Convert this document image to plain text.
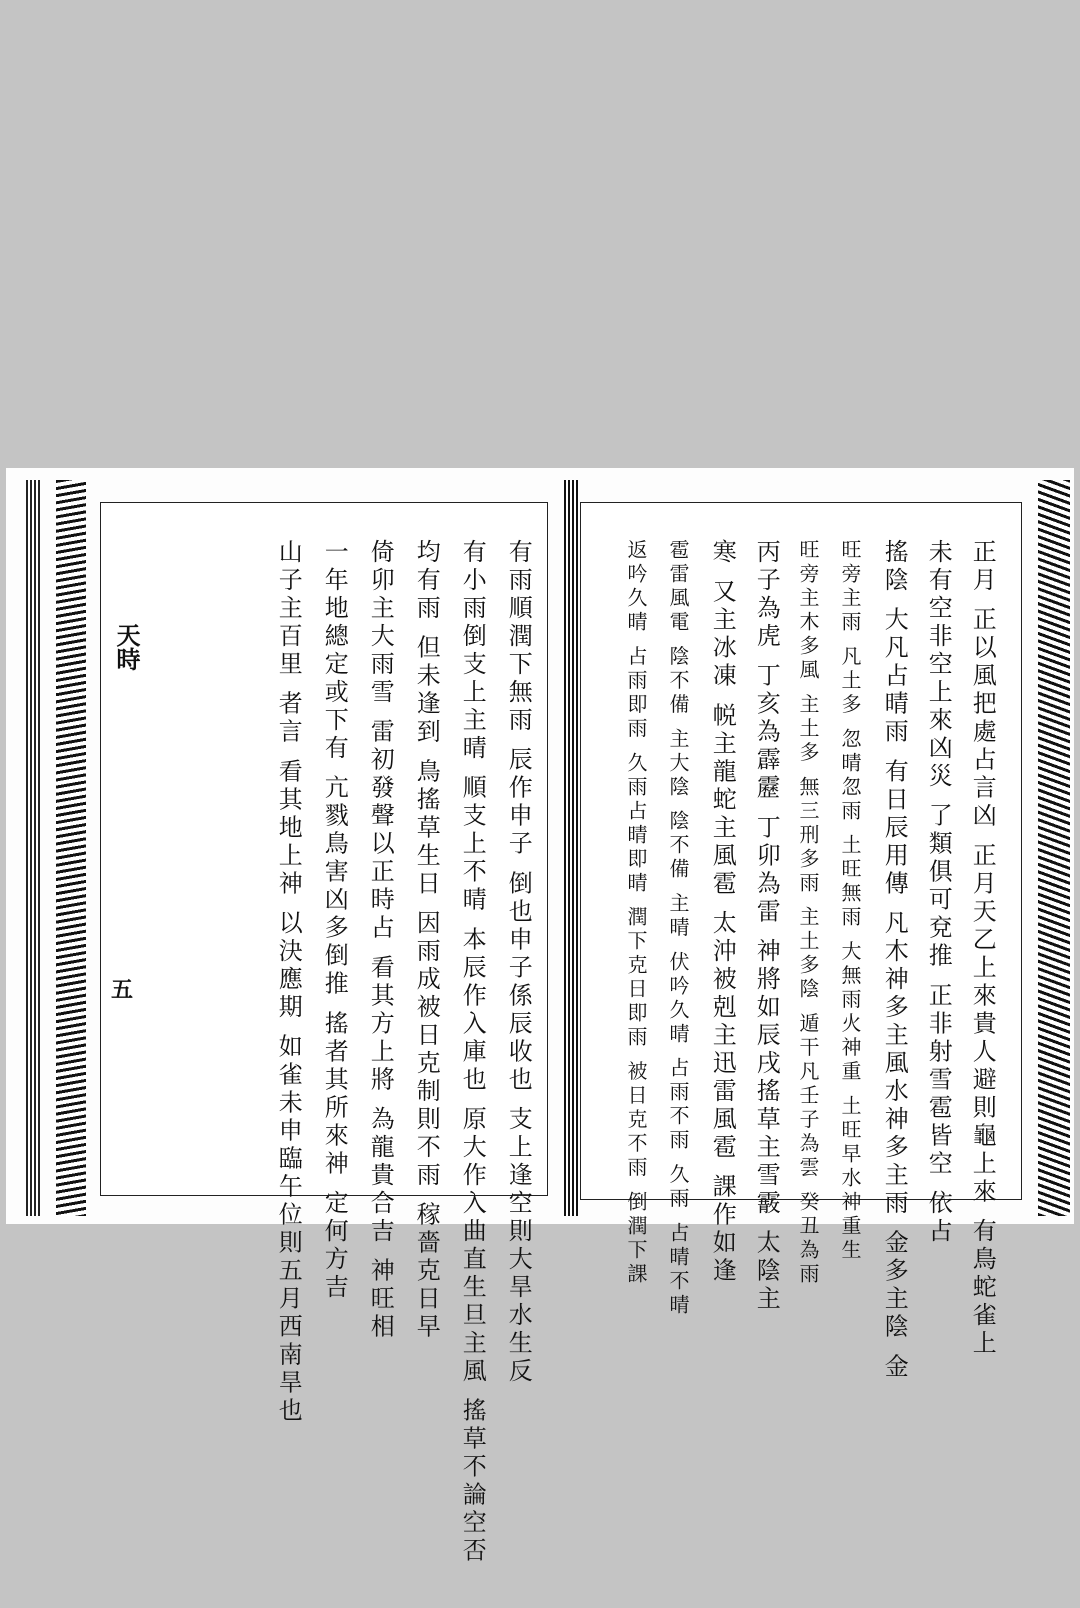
天時
五	有雨順潤下無雨 辰作申子 倒也申子係辰收也 支上逢空則大旱水生反
有小雨倒支上主晴 順支上不晴 本辰作入庫也 原大作入曲直生旦主風 搖草不論空否
均有雨 但未逢到 鳥搖草生日 因雨成被日克制則不雨 稼嗇克日早
倚卯主大雨雪 雷初發聲以正時占 看其方上將 為龍貴合吉 神旺相
一年地總定或下有 亢戮鳥害凶多倒推 搖者其所來神 定何方吉
山子主百里 者言 看其地上神 以決應期 如雀未申臨午位則五月西南旱也	正月 正以風把處占言凶 正月天乙上來貴人避則龜上來 有鳥蛇雀上
未有空非空上來凶災 了類俱可兗推 正非射雪雹皆空 依占
搖陰 大凡占晴雨 有日辰用傳 凡木神多主風水神多主雨 金多主陰 金
旺旁主雨 凡土多 忽晴忽雨 土旺無雨 大無雨火神重 土旺早水神重生
旺旁主木多風 主土多 無三刑多雨 主土多陰 遁干凡壬子為雲 癸丑為雨
丙子為虎 丁亥為霹靂 丁卯為雷 神將如辰戌搖草主雪霰 太陰主
寒 又主冰凍 帨主龍蛇主風雹 太沖被剋主迅雷風雹 課作如逢
雹雷風電 陰不備 主大陰 陰不備 主晴 伏吟久晴 占雨不雨 久雨 占晴不晴
返吟久晴 占雨即雨 久雨占晴即晴 潤下克日即雨 被日克不雨 倒潤下課
